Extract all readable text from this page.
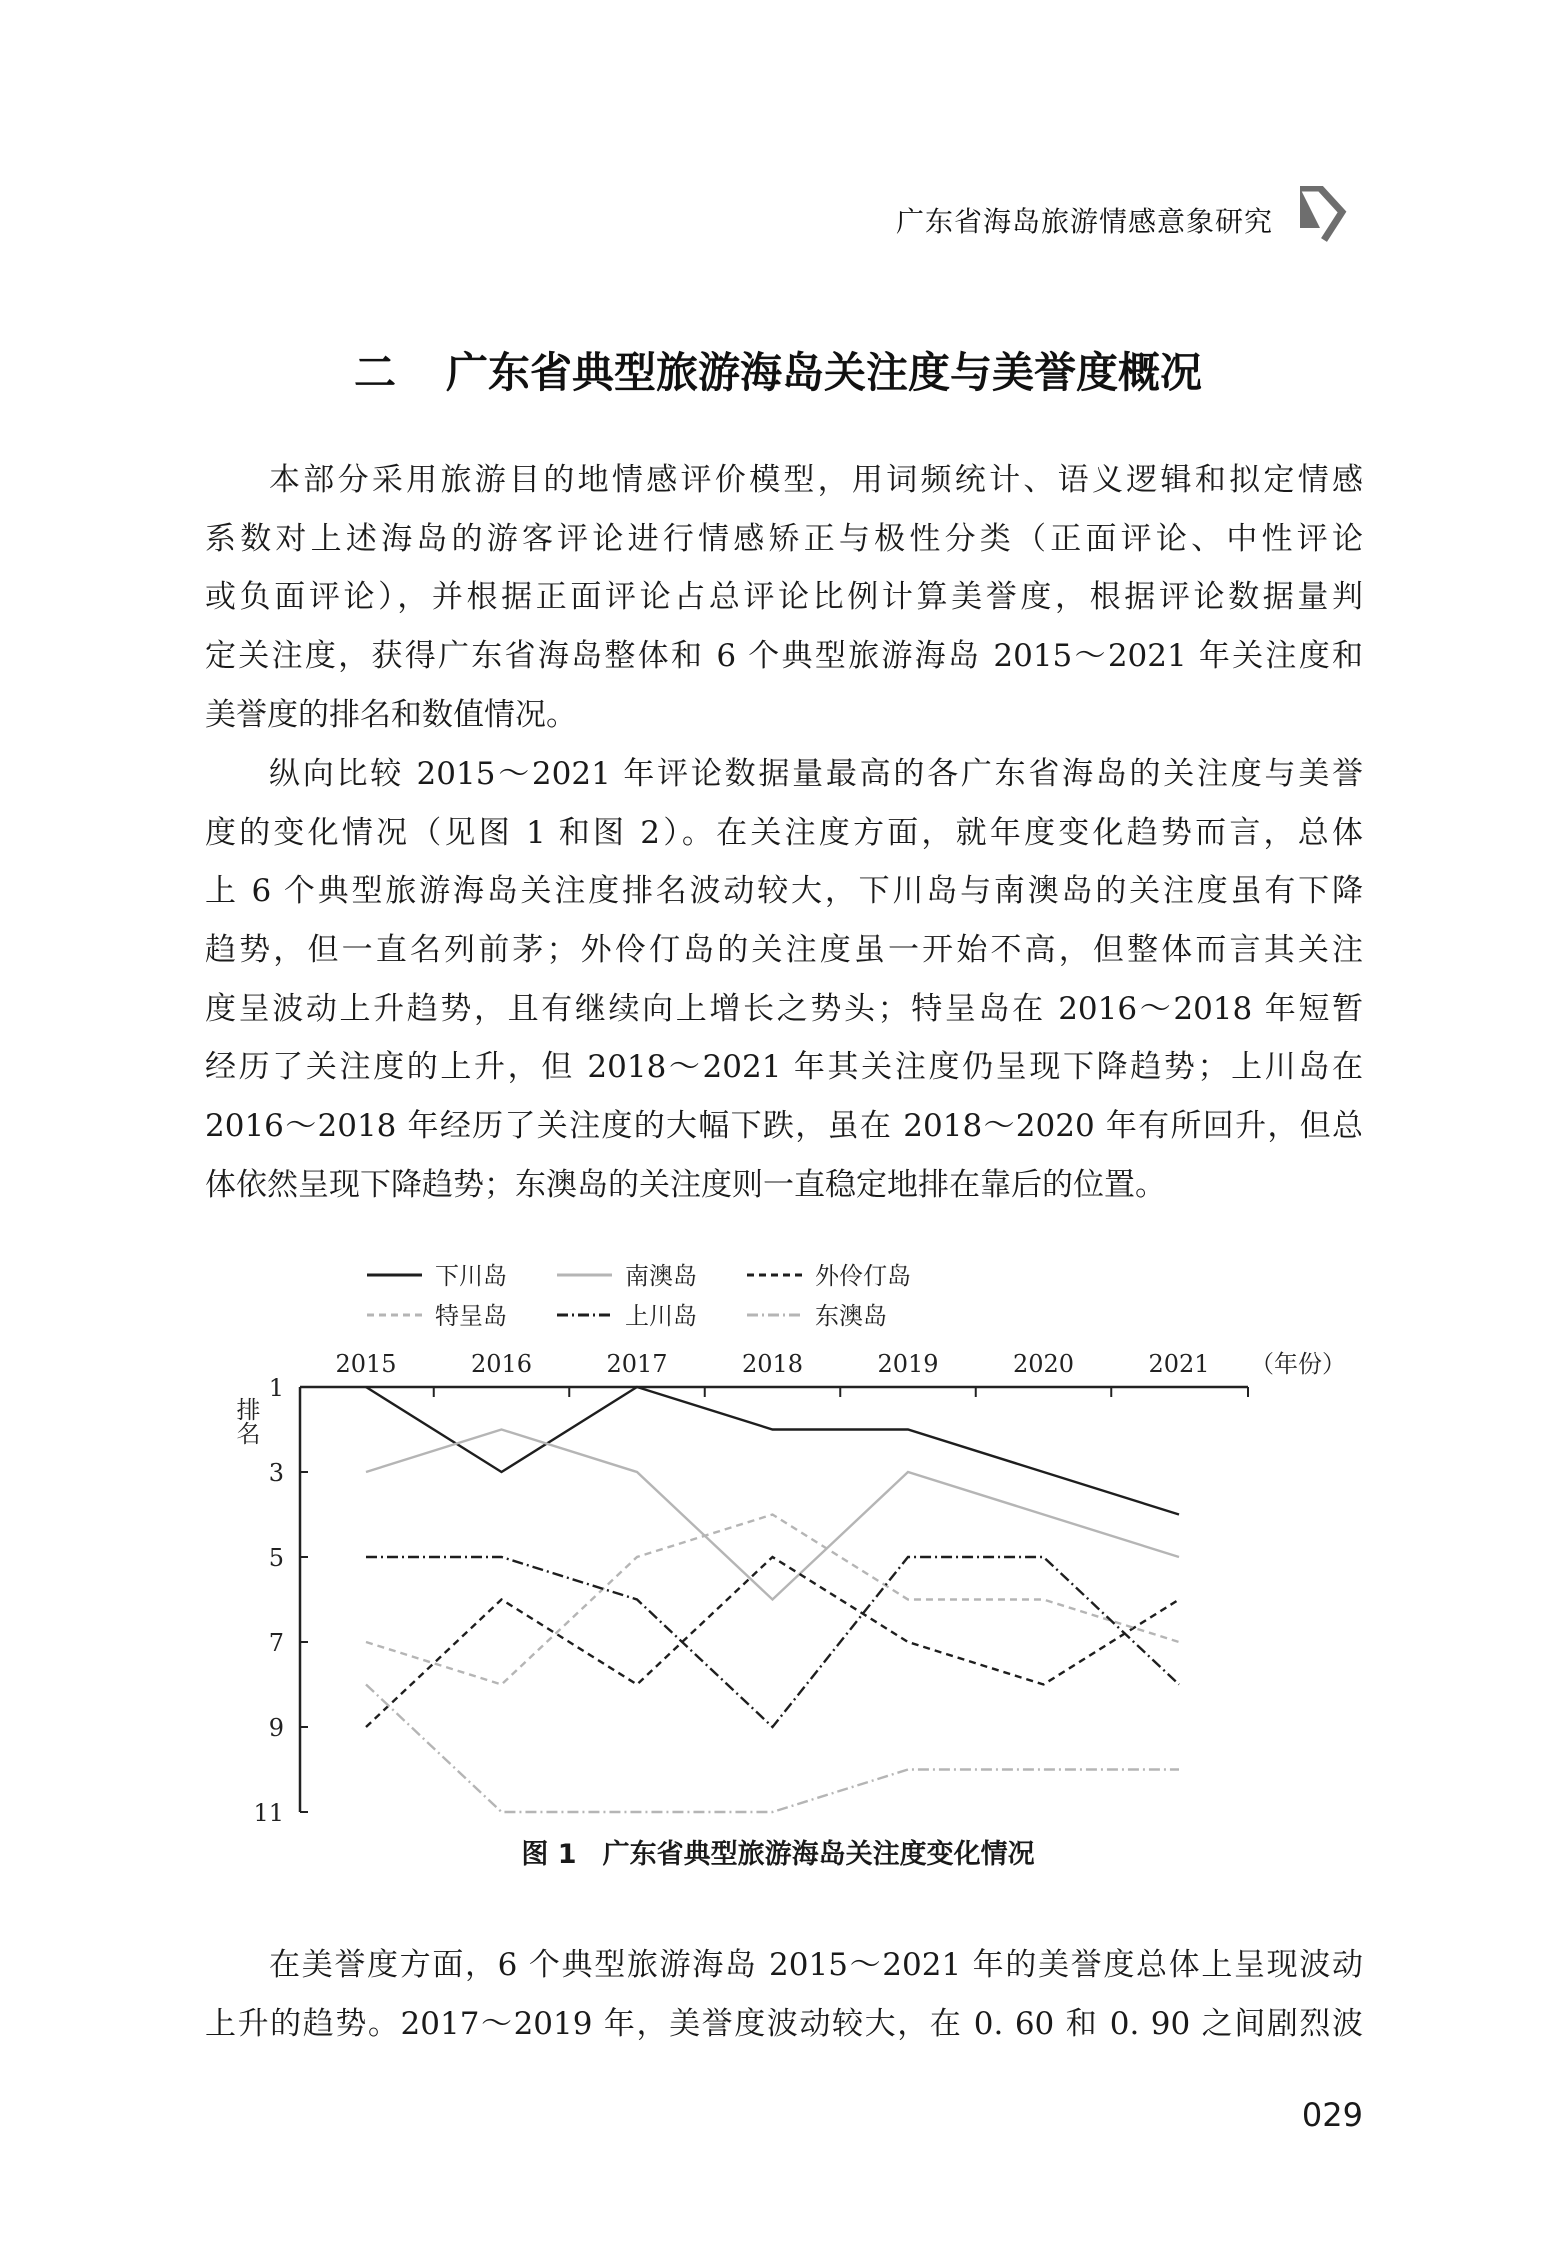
广东省海岛旅游情感意象研究
二 广东省典型旅游海岛关注度与美誉度概况
本部分采用旅游目的地情感评价模型，用词频统计、语义逻辑和拟定情感
系数对上述海岛的游客评论进行情感矫正与极性分类（正面评论、中性评论
或负面评论），并根据正面评论占总评论比例计算美誉度，根据评论数据量判
定关注度，获得广东省海岛整体和 6 个典型旅游海岛 2015～2021 年关注度和
美誉度的排名和数值情况。
纵向比较 2015～2021 年评论数据量最高的各广东省海岛的关注度与美誉
度的变化情况（见图 1 和图 2）。在关注度方面，就年度变化趋势而言，总体
上 6 个典型旅游海岛关注度排名波动较大，下川岛与南澳岛的关注度虽有下降
趋势，但一直名列前茅；外伶仃岛的关注度虽一开始不高，但整体而言其关注
度呈波动上升趋势，且有继续向上增长之势头；特呈岛在 2016～2018 年短暂
经历了关注度的上升，但 2018～2021 年其关注度仍呈现下降趋势；上川岛在
2016～2018 年经历了关注度的大幅下跌，虽在 2018～2020 年有所回升，但总
体依然呈现下降趋势；东澳岛的关注度则一直稳定地排在靠后的位置。
在美誉度方面，6 个典型旅游海岛 2015～2021 年的美誉度总体上呈现波动
上升的趋势。2017～2019 年，美誉度波动较大，在 0. 60 和 0. 90 之间剧烈波
2015	2016	2017	2018	2019	2020	2021 （年份）
1
3
5
7
9
11
排名
下川岛	南澳岛	外伶仃岛
特呈岛	上川岛	东澳岛
图 1 广东省典型旅游海岛关注度变化情况
029
